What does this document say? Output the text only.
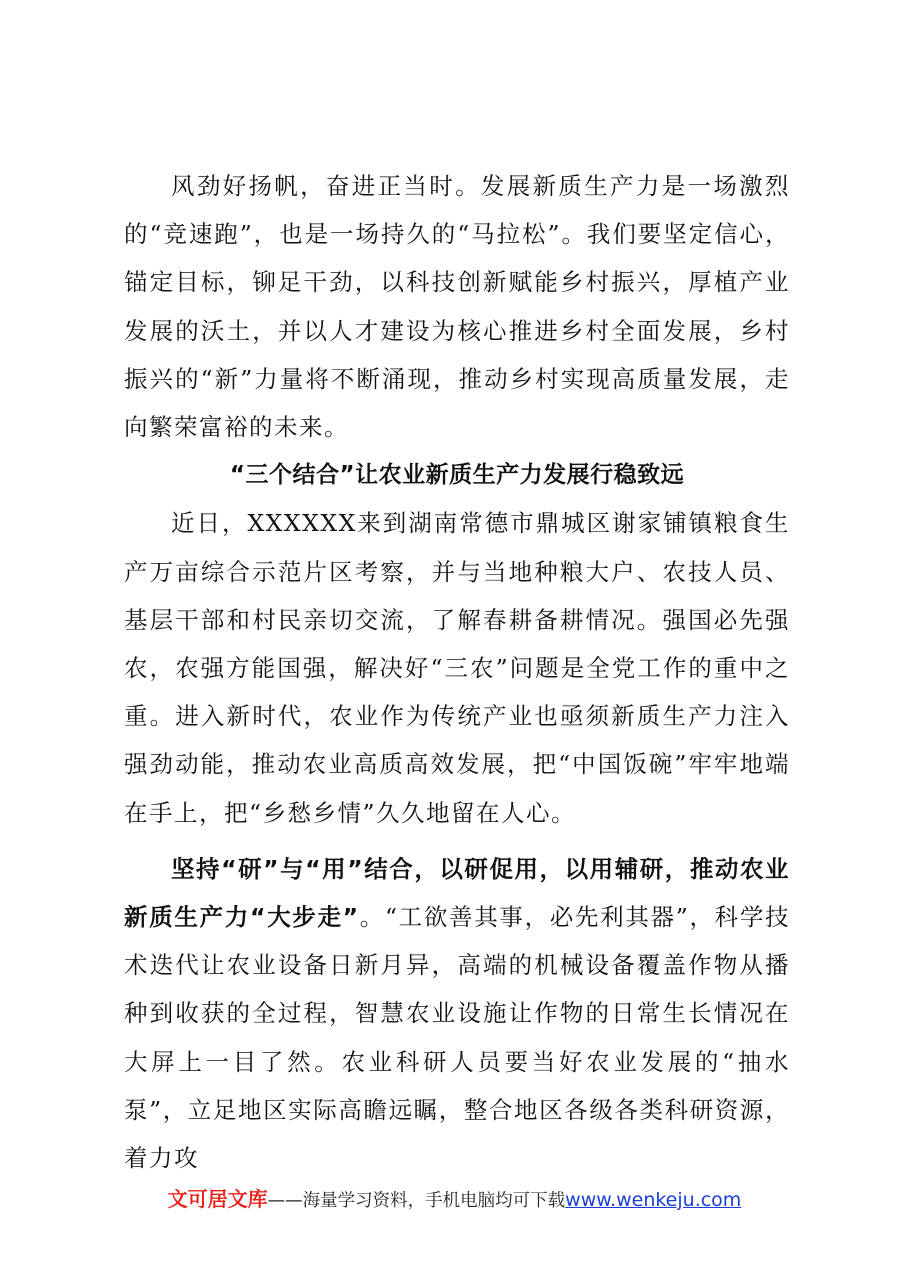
风劲好扬帆，奋进正当时。发展新质生产力是一场激烈的“竞速跑”，也是一场持久的“马拉松”。我们要坚定信心，锚定目标，铆足干劲，以科技创新赋能乡村振兴，厚植产业发展的沃土，并以人才建设为核心推进乡村全面发展，乡村振兴的“新”力量将不断涌现，推动乡村实现高质量发展，走向繁荣富裕的未来。

“三个结合”让农业新质生产力发展行稳致远

近日，XXXXXX来到湖南常德市鼎城区谢家铺镇粮食生产万亩综合示范片区考察，并与当地种粮大户、农技人员、基层干部和村民亲切交流，了解春耕备耕情况。强国必先强农，农强方能国强，解决好“三农”问题是全党工作的重中之重。进入新时代，农业作为传统产业也亟须新质生产力注入强劲动能，推动农业高质高效发展，把“中国饭碗”牢牢地端在手上，把“乡愁乡情”久久地留在人心。

坚持“研”与“用”结合，以研促用，以用辅研，推动农业新质生产力“大步走”。“工欲善其事，必先利其器”，科学技术迭代让农业设备日新月异，高端的机械设备覆盖作物从播种到收获的全过程，智慧农业设施让作物的日常生长情况在大屏上一目了然。农业科研人员要当好农业发展的“抽水泵”，立足地区实际高瞻远瞩，整合地区各级各类科研资源，着力攻

文可居文库——海量学习资料，手机电脑均可下载www.wenkeju.com
